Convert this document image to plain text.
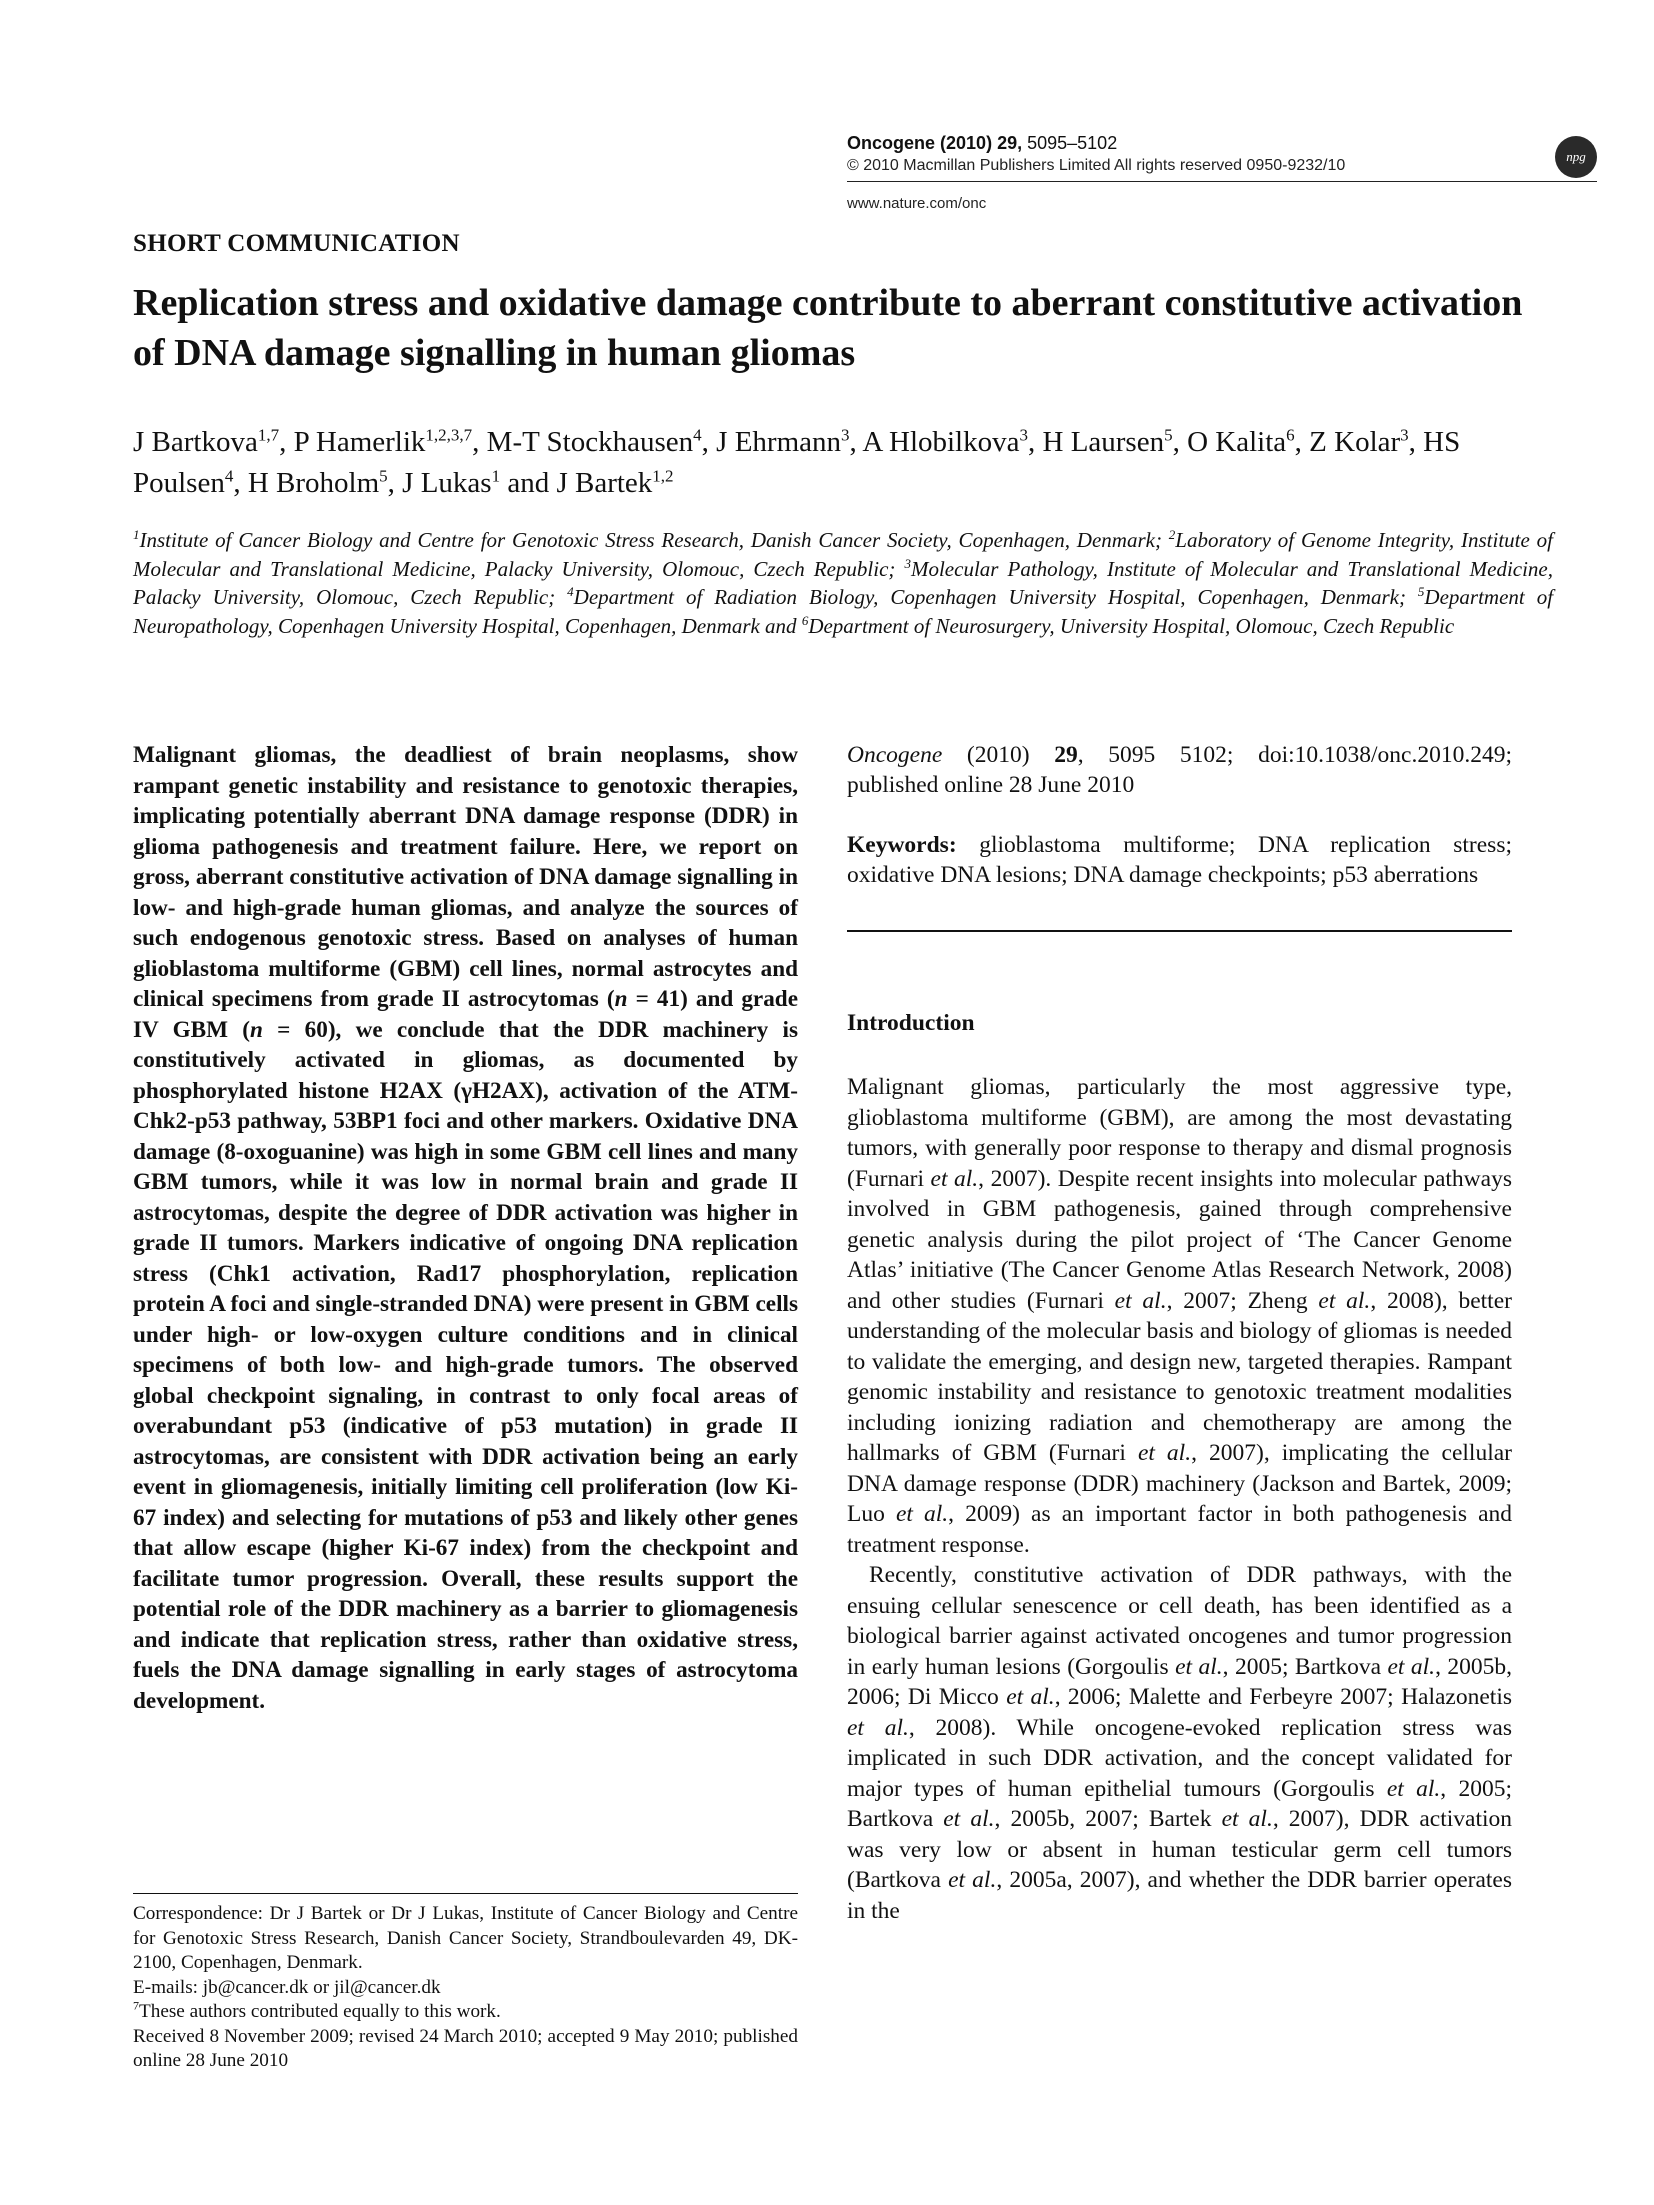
Oncogene (2010) 29, 5095–5102
© 2010 Macmillan Publishers Limited All rights reserved 0950-9232/10
www.nature.com/onc
npg
SHORT COMMUNICATION
Replication stress and oxidative damage contribute to aberrant constitutive activation of DNA damage signalling in human gliomas
J Bartkova$^{1,7}$, P Hamerlik$^{1,2,3,7}$, M-T Stockhausen$^4$, J Ehrmann$^3$, A Hlobilkova$^3$, H Laursen$^5$, O Kalita$^6$, Z Kolar$^3$, HS Poulsen$^4$, H Broholm$^5$, J Lukas$^1$ and J Bartek$^{1,2}$
$^1$Institute of Cancer Biology and Centre for Genotoxic Stress Research, Danish Cancer Society, Copenhagen, Denmark; $^2$Laboratory of Genome Integrity, Institute of Molecular and Translational Medicine, Palacky University, Olomouc, Czech Republic; $^3$Molecular Pathology, Institute of Molecular and Translational Medicine, Palacky University, Olomouc, Czech Republic; $^4$Department of Radiation Biology, Copenhagen University Hospital, Copenhagen, Denmark; $^5$Department of Neuropathology, Copenhagen University Hospital, Copenhagen, Denmark and $^6$Department of Neurosurgery, University Hospital, Olomouc, Czech Republic
Malignant gliomas, the deadliest of brain neoplasms, show rampant genetic instability and resistance to genotoxic therapies, implicating potentially aberrant DNA damage response (DDR) in glioma pathogenesis and treatment failure. Here, we report on gross, aberrant constitutive activation of DNA damage signalling in low- and high-grade human gliomas, and analyze the sources of such endogenous genotoxic stress. Based on analyses of human glioblastoma multiforme (GBM) cell lines, normal astrocytes and clinical specimens from grade II astrocytomas (n = 41) and grade IV GBM (n = 60), we conclude that the DDR machinery is constitutively activated in gliomas, as documented by phosphorylated histone H2AX (γH2AX), activation of the ATM-Chk2-p53 pathway, 53BP1 foci and other markers. Oxidative DNA damage (8-oxoguanine) was high in some GBM cell lines and many GBM tumors, while it was low in normal brain and grade II astrocytomas, despite the degree of DDR activation was higher in grade II tumors. Markers indicative of ongoing DNA replication stress (Chk1 activation, Rad17 phosphorylation, replication protein A foci and single-stranded DNA) were present in GBM cells under high- or low-oxygen culture conditions and in clinical specimens of both low- and high-grade tumors. The observed global checkpoint signaling, in contrast to only focal areas of overabundant p53 (indicative of p53 mutation) in grade II astrocytomas, are consistent with DDR activation being an early event in gliomagenesis, initially limiting cell proliferation (low Ki-67 index) and selecting for mutations of p53 and likely other genes that allow escape (higher Ki-67 index) from the checkpoint and facilitate tumor progression. Overall, these results support the potential role of the DDR machinery as a barrier to gliomagenesis and indicate that replication stress, rather than oxidative stress, fuels the DNA damage signalling in early stages of astrocytoma development.
Oncogene (2010) 29, 5095 5102; doi:10.1038/onc.2010.249; published online 28 June 2010
Keywords: glioblastoma multiforme; DNA replication stress; oxidative DNA lesions; DNA damage checkpoints; p53 aberrations
Introduction

Malignant gliomas, particularly the most aggressive type, glioblastoma multiforme (GBM), are among the most devastating tumors, with generally poor response to therapy and dismal prognosis (Furnari et al., 2007). Despite recent insights into molecular pathways involved in GBM pathogenesis, gained through comprehensive genetic analysis during the pilot project of ‘The Cancer Genome Atlas’ initiative (The Cancer Genome Atlas Research Network, 2008) and other studies (Furnari et al., 2007; Zheng et al., 2008), better understanding of the molecular basis and biology of gliomas is needed to validate the emerging, and design new, targeted therapies. Rampant genomic instability and resistance to genotoxic treatment modalities including ionizing radiation and chemotherapy are among the hallmarks of GBM (Furnari et al., 2007), implicating the cellular DNA damage response (DDR) machinery (Jackson and Bartek, 2009; Luo et al., 2009) as an important factor in both pathogenesis and treatment response.

Recently, constitutive activation of DDR pathways, with the ensuing cellular senescence or cell death, has been identified as a biological barrier against activated oncogenes and tumor progression in early human lesions (Gorgoulis et al., 2005; Bartkova et al., 2005b, 2006; Di Micco et al., 2006; Malette and Ferbeyre 2007; Halazonetis et al., 2008). While oncogene-evoked replication stress was implicated in such DDR activation, and the concept validated for major types of human epithelial tumours (Gorgoulis et al., 2005; Bartkova et al., 2005b, 2007; Bartek et al., 2007), DDR activation was very low or absent in human testicular germ cell tumors (Bartkova et al., 2005a, 2007), and whether the DDR barrier operates in the

Correspondence: Dr J Bartek or Dr J Lukas, Institute of Cancer Biology and Centre for Genotoxic Stress Research, Danish Cancer Society, Strandboulevarden 49, DK-2100, Copenhagen, Denmark.

E-mails: jb@cancer.dk or jil@cancer.dk

$^7$These authors contributed equally to this work.

Received 8 November 2009; revised 24 March 2010; accepted 9 May 2010; published online 28 June 2010
